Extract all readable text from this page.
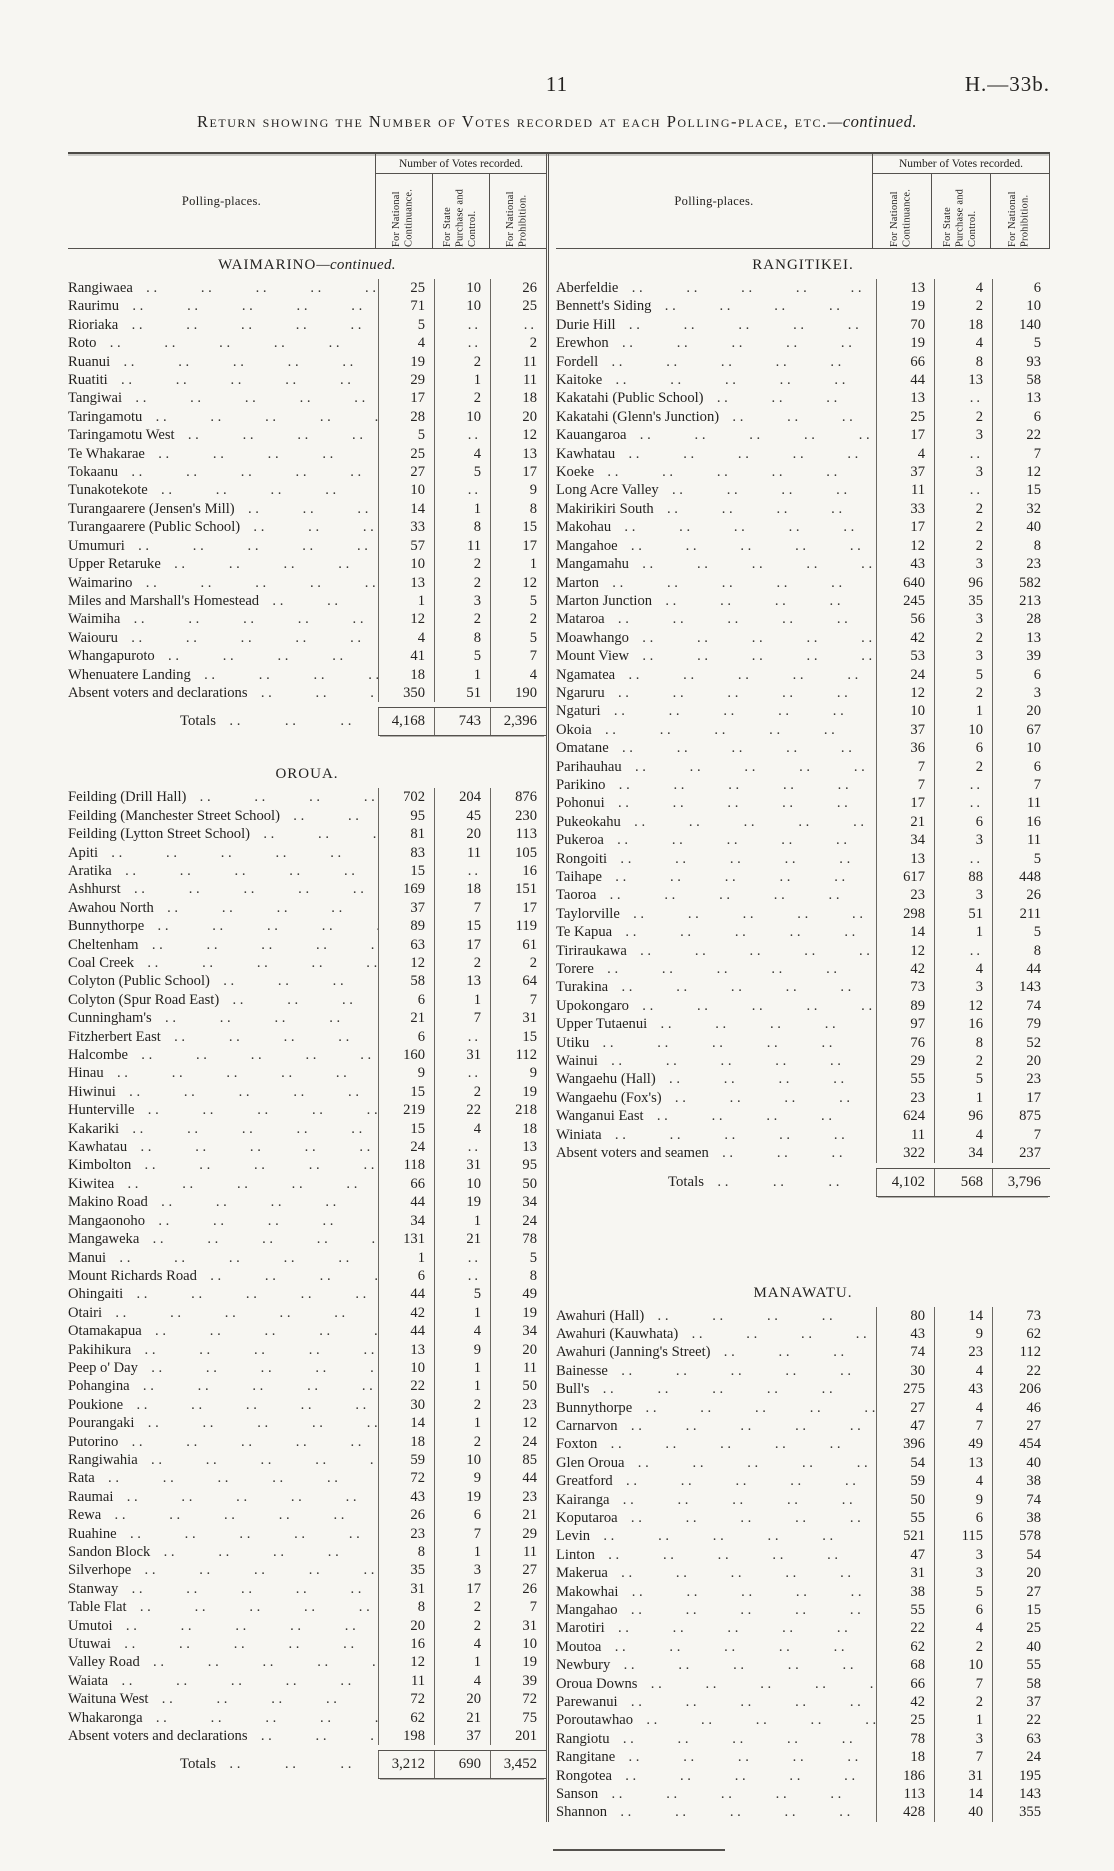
11	H.—33b.
Return showing the Number of Votes recorded at each Polling-place, etc.—continued.
Polling-places.
Number of Votes recorded.
For National Continuance.	For State Purchase and Control.	For National Prohibition.
WAIMARINO—continued.
Rangiwaea . .	25	10	26
Raurimu . .	71	10	25
Rioriaka . .	5	..	..
Roto . .	4	..	2
Ruanui . .	19	2	11
Ruatiti . .	29	1	11
Tangiwai . .	17	2	18
Taringamotu . .	28	10	20
Taringamotu West . .	5	..	12
Te Whakarae . .	25	4	13
Tokaanu . .	27	5	17
Tunakotekote . .	10	..	9
Turangaarere (Jensen's Mill) . .	14	1	8
Turangaarere (Public School) . .	33	8	15
Umumuri . .	57	11	17
Upper Retaruke . .	10	2	1
Waimarino . .	13	2	12
Miles and Marshall's Homestead . .	1	3	5
Waimiha . .	12	2	2
Waiouru . .	4	8	5
Whangapuroto . .	41	5	7
Whenuatere Landing . .	18	1	4
Absent voters and declarations . .	350	51	190
Totals . .	4,168	743	2,396
OROUA.
Feilding (Drill Hall) . .	702	204	876
Feilding (Manchester Street School) . .	95	45	230
Feilding (Lytton Street School) . .	81	20	113
Apiti . .	83	11	105
Aratika . .	15	..	16
Ashhurst . .	169	18	151
Awahou North . .	37	7	17
Bunnythorpe . .	89	15	119
Cheltenham . .	63	17	61
Coal Creek . .	12	2	2
Colyton (Public School) . .	58	13	64
Colyton (Spur Road East) . .	6	1	7
Cunningham's . .	21	7	31
Fitzherbert East . .	6	..	15
Halcombe . .	160	31	112
Hinau . .	9	..	9
Hiwinui . .	15	2	19
Hunterville . .	219	22	218
Kakariki . .	15	4	18
Kawhatau . .	24	..	13
Kimbolton . .	118	31	95
Kiwitea . .	66	10	50
Makino Road . .	44	19	34
Mangaonoho . .	34	1	24
Mangaweka . .	131	21	78
Manui . .	1	..	5
Mount Richards Road . .	6	..	8
Ohingaiti . .	44	5	49
Otairi . .	42	1	19
Otamakapua . .	44	4	34
Pakihikura . .	13	9	20
Peep o' Day . .	10	1	11
Pohangina . .	22	1	50
Poukione . .	30	2	23
Pourangaki . .	14	1	12
Putorino . .	18	2	24
Rangiwahia . .	59	10	85
Rata . .	72	9	44
Raumai . .	43	19	23
Rewa . .	26	6	21
Ruahine . .	23	7	29
Sandon Block . .	8	1	11
Silverhope . .	35	3	27
Stanway . .	31	17	26
Table Flat . .	8	2	7
Umutoi . .	20	2	31
Utuwai . .	16	4	10
Valley Road . .	12	1	19
Waiata . .	11	4	39
Waituna West . .	72	20	72
Whakaronga . .	62	21	75
Absent voters and declarations . .	198	37	201
Totals . .	3,212	690	3,452
Polling-places.
Number of Votes recorded.
For National Continuance.	For State Purchase and Control.	For National Prohibition.
RANGITIKEI.
Aberfeldie . .	13	4	6
Bennett's Siding . .	19	2	10
Durie Hill . .	70	18	140
Erewhon . .	19	4	5
Fordell . .	66	8	93
Kaitoke . .	44	13	58
Kakatahi (Public School) . .	13	..	13
Kakatahi (Glenn's Junction) . .	25	2	6
Kauangaroa . .	17	3	22
Kawhatau . .	4	..	7
Koeke . .	37	3	12
Long Acre Valley . .	11	..	15
Makirikiri South . .	33	2	32
Makohau . .	17	2	40
Mangahoe . .	12	2	8
Mangamahu . .	43	3	23
Marton . .	640	96	582
Marton Junction . .	245	35	213
Mataroa . .	56	3	28
Moawhango . .	42	2	13
Mount View . .	53	3	39
Ngamatea . .	24	5	6
Ngaruru . .	12	2	3
Ngaturi . .	10	1	20
Okoia . .	37	10	67
Omatane . .	36	6	10
Parihauhau . .	7	2	6
Parikino . .	7	..	7
Pohonui . .	17	..	11
Pukeokahu . .	21	6	16
Pukeroa . .	34	3	11
Rongoiti . .	13	..	5
Taihape . .	617	88	448
Taoroa . .	23	3	26
Taylorville . .	298	51	211
Te Kapua . .	14	1	5
Tiriraukawa . .	12	..	8
Torere . .	42	4	44
Turakina . .	73	3	143
Upokongaro . .	89	12	74
Upper Tutaenui . .	97	16	79
Utiku . .	76	8	52
Wainui . .	29	2	20
Wangaehu (Hall) . .	55	5	23
Wangaehu (Fox's) . .	23	1	17
Wanganui East . .	624	96	875
Winiata . .	11	4	7
Absent voters and seamen . .	322	34	237
Totals . .	4,102	568	3,796
MANAWATU.
Awahuri (Hall) . .	80	14	73
Awahuri (Kauwhata) . .	43	9	62
Awahuri (Janning's Street) . .	74	23	112
Bainesse . .	30	4	22
Bull's . .	275	43	206
Bunnythorpe . .	27	4	46
Carnarvon . .	47	7	27
Foxton . .	396	49	454
Glen Oroua . .	54	13	40
Greatford . .	59	4	38
Kairanga . .	50	9	74
Koputaroa . .	55	6	38
Levin . .	521	115	578
Linton . .	47	3	54
Makerua . .	31	3	20
Makowhai . .	38	5	27
Mangahao . .	55	6	15
Marotiri . .	22	4	25
Moutoa . .	62	2	40
Newbury . .	68	10	55
Oroua Downs . .	66	7	58
Parewanui . .	42	2	37
Poroutawhao . .	25	1	22
Rangiotu . .	78	3	63
Rangitane . .	18	7	24
Rongotea . .	186	31	195
Sanson . .	113	14	143
Shannon . .	428	40	355
